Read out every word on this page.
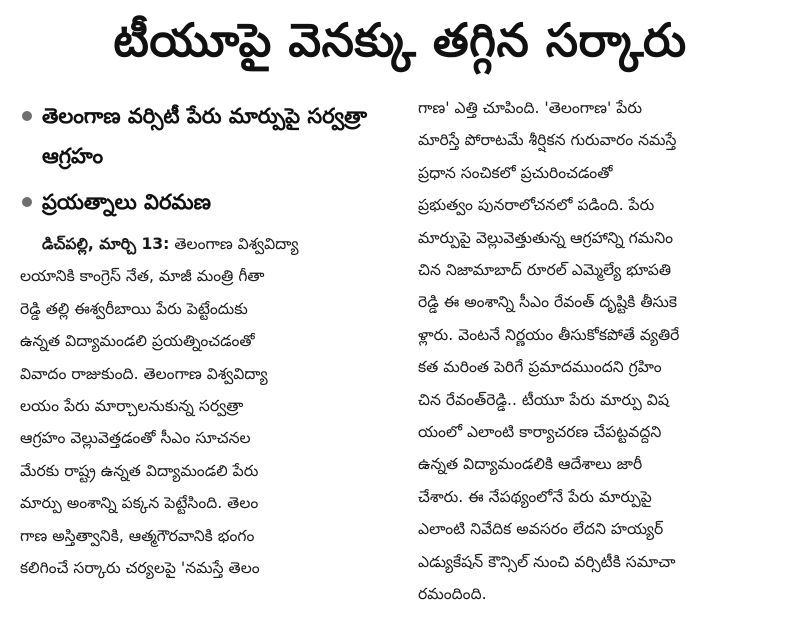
టీయూపై వెనక్కు తగ్గిన సర్కారు
తెలంగాణ వర్సిటీ పేరు మార్పుపై సర్వత్రా ఆగ్రహం
ప్రయత్నాలు విరమణ
డిచ్‌పల్లి, మార్చి 13: తెలంగాణ విశ్వవిద్యా
లయానికి కాంగ్రెస్‌ నేత, మాజీ మంత్రి గీతా
రెడ్డి తల్లి ఈశ్వరీబాయి పేరు పెట్టేందుకు
ఉన్నత విద్యామండలి ప్రయత్నించడంతో
వివాదం రాజుకుంది. తెలంగాణ విశ్వవిద్యా
లయం పేరు మార్చాలనుకున్న సర్వత్రా
ఆగ్రహం వెల్లువెత్తడంతో సీఎం సూచనల
మేరకు రాష్ట్ర ఉన్నత విద్యామండలి పేరు
మార్పు అంశాన్ని పక్కన పెట్టేసింది. తెలం
గాణ అస్తిత్వానికి, ఆత్మగౌరవానికి భంగం
కలిగించే సర్కారు చర్యలపై 'నమస్తే తెలం
గాణ' ఎత్తి చూపింది. 'తెలంగాణ' పేరు
మారిస్తే పోరాటమే శీర్షికన గురువారం నమస్తే
ప్రధాన సంచికలో ప్రచురించడంతో
ప్రభుత్వం పునరాలోచనలో పడింది. పేరు
మార్పుపై వెల్లువెత్తుతున్న ఆగ్రహాన్ని గమనిం
చిన నిజామాబాద్‌ రూరల్‌ ఎమ్మెల్యే భూపతి
రెడ్డి ఈ అంశాన్ని సీఎం రేవంత్‌ దృష్టికి తీసుకె
ళ్లారు. వెంటనే నిర్ణయం తీసుకోకపోతే వ్యతిరే
కత మరింత పెరిగే ప్రమాదముందని గ్రహిం
చిన రేవంత్‌రెడ్డి.. టీయూ పేరు మార్పు విష
యంలో ఎలాంటి కార్యాచరణ చేపట్టవద్దని
ఉన్నత విద్యామండలికి ఆదేశాలు జారీ
చేశారు. ఈ నేపథ్యంలోనే పేరు మార్పుపై
ఎలాంటి నివేదిక అవసరం లేదని హయ్యర్‌
ఎడ్యుకేషన్‌ కౌన్సిల్‌ నుంచి వర్సిటీకి సమాచా
రమందింది.
